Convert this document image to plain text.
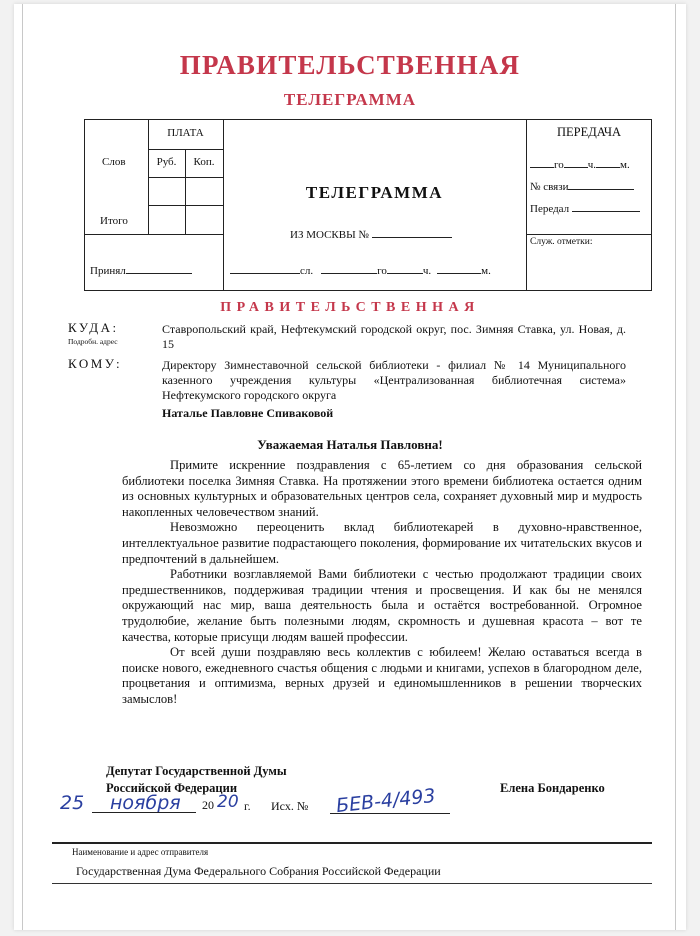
ПРАВИТЕЛЬСТВЕННАЯ
ТЕЛЕГРАММА
ПЛАТА
Слов	Руб.	Коп.
Итого
Принял
ТЕЛЕГРАММА
ИЗ МОСКВЫ №
сл.	го	ч.	м.
ПЕРЕДАЧА
го ч. м.
№ связи
Передал
Служ. отметки:
ПРАВИТЕЛЬСТВЕННАЯ
КУДА:
Подробн. адрес
Ставропольский край, Нефтекумский городской округ, пос. Зимняя Ставка, ул. Новая, д. 15
КОМУ:	Директору Зимнеставочной сельской библиотеки - филиал № 14 Муниципального казенного учреждения культуры «Централизованная библиотечная система» Нефтекумского городского округа
Наталье Павловне Спиваковой
Уважаемая Наталья Павловна!

Примите искренние поздравления с 65-летием со дня образования сельской библиотеки поселка Зимняя Ставка. На протяжении этого времени библиотека остается одним из основных культурных и образовательных центров села, сохраняет духовный мир и мудрость накопленных человечеством знаний.

Невозможно переоценить вклад библиотекарей в духовно-нравственное, интеллектуальное развитие подрастающего поколения, формирование их читательских вкусов и предпочтений в дальнейшем.

Работники возглавляемой Вами библиотеки с честью продолжают традиции своих предшественников, поддерживая традиции чтения и просвещения. И как бы не менялся окружающий нас мир, ваша деятельность была и остаётся востребованной. Огромное трудолюбие, желание быть полезными людям, скромность и душевная красота – вот те качества, которые присущи людям вашей профессии.

От всей души поздравляю весь коллектив с юбилеем! Желаю оставаться всегда в поиске нового, ежедневного счастья общения с людьми и книгами, успехов в благородном деле, процветания и оптимизма, верных друзей и единомышленников в решении творческих замыслов!

Депутат Государственной Думы
Российской Федерации	Елена Бондаренко
25 ноября 20 20 г. Исх. № БЕВ-4/493
Наименование и адрес отправителя
Государственная Дума Федерального Собрания Российской Федерации
